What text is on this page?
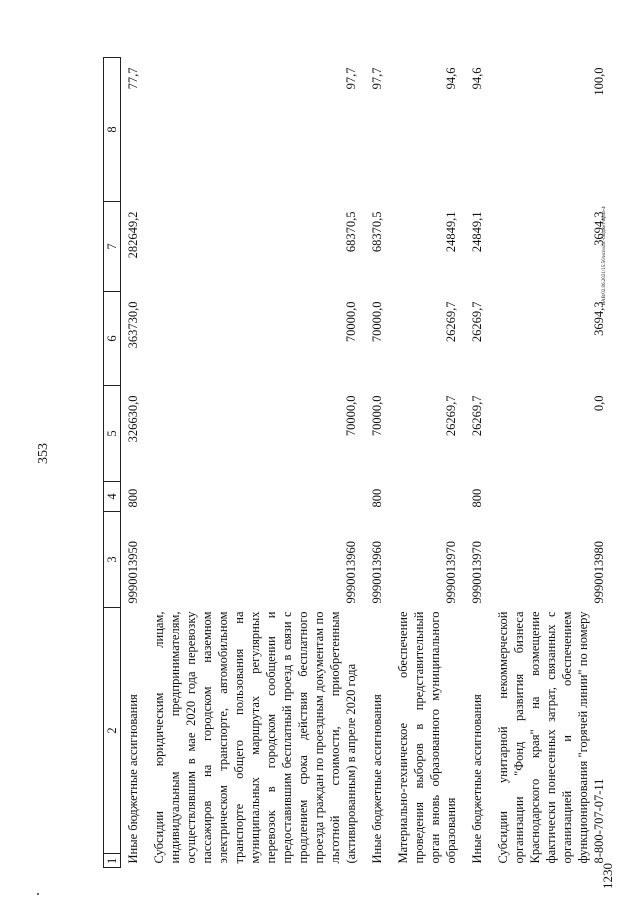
353
ВАВ/02.06.2021/15:50/исполн.-бюджет-прил-4
1230
1	2	3	4	5	6	7	8
Иные бюджетные ассигнования		9990013950	800	326630,0	363730,0	282649,2	77,7
Субсидии юридическим лицам, индивидуальным предпринимателям, осуществлявшим в мае 2020 года перевозку пассажиров на городском наземном электрическом транспорте, автомобильном транспорте общего пользования на муниципальных маршрутах регулярных перевозок в городском сообщении и предоставившим бесплатный проезд в связи с продлением срока действия бесплатного проезда граждан по проездным документам по льготной стоимости, приобретенным (активированным) в апреле 2020 года		9990013960		70000,0	70000,0	68370,5	97,7
Иные бюджетные ассигнования		9990013960	800	70000,0	70000,0	68370,5	97,7
Материально-техническое обеспечение проведения выборов в представительный орган вновь образованного муниципального образования		9990013970		26269,7	26269,7	24849,1	94,6
Иные бюджетные ассигнования		9990013970	800	26269,7	26269,7	24849,1	94,6
Субсидии унитарной некоммерческой организации "Фонд развития бизнеса Краснодарского края" на возмещение фактически понесенных затрат, связанных с организацией и обеспечением функционирования "горячей линии" по номеру 8-800-707-07-11		9990013980		0,0	3694,3	3694,3	100,0
